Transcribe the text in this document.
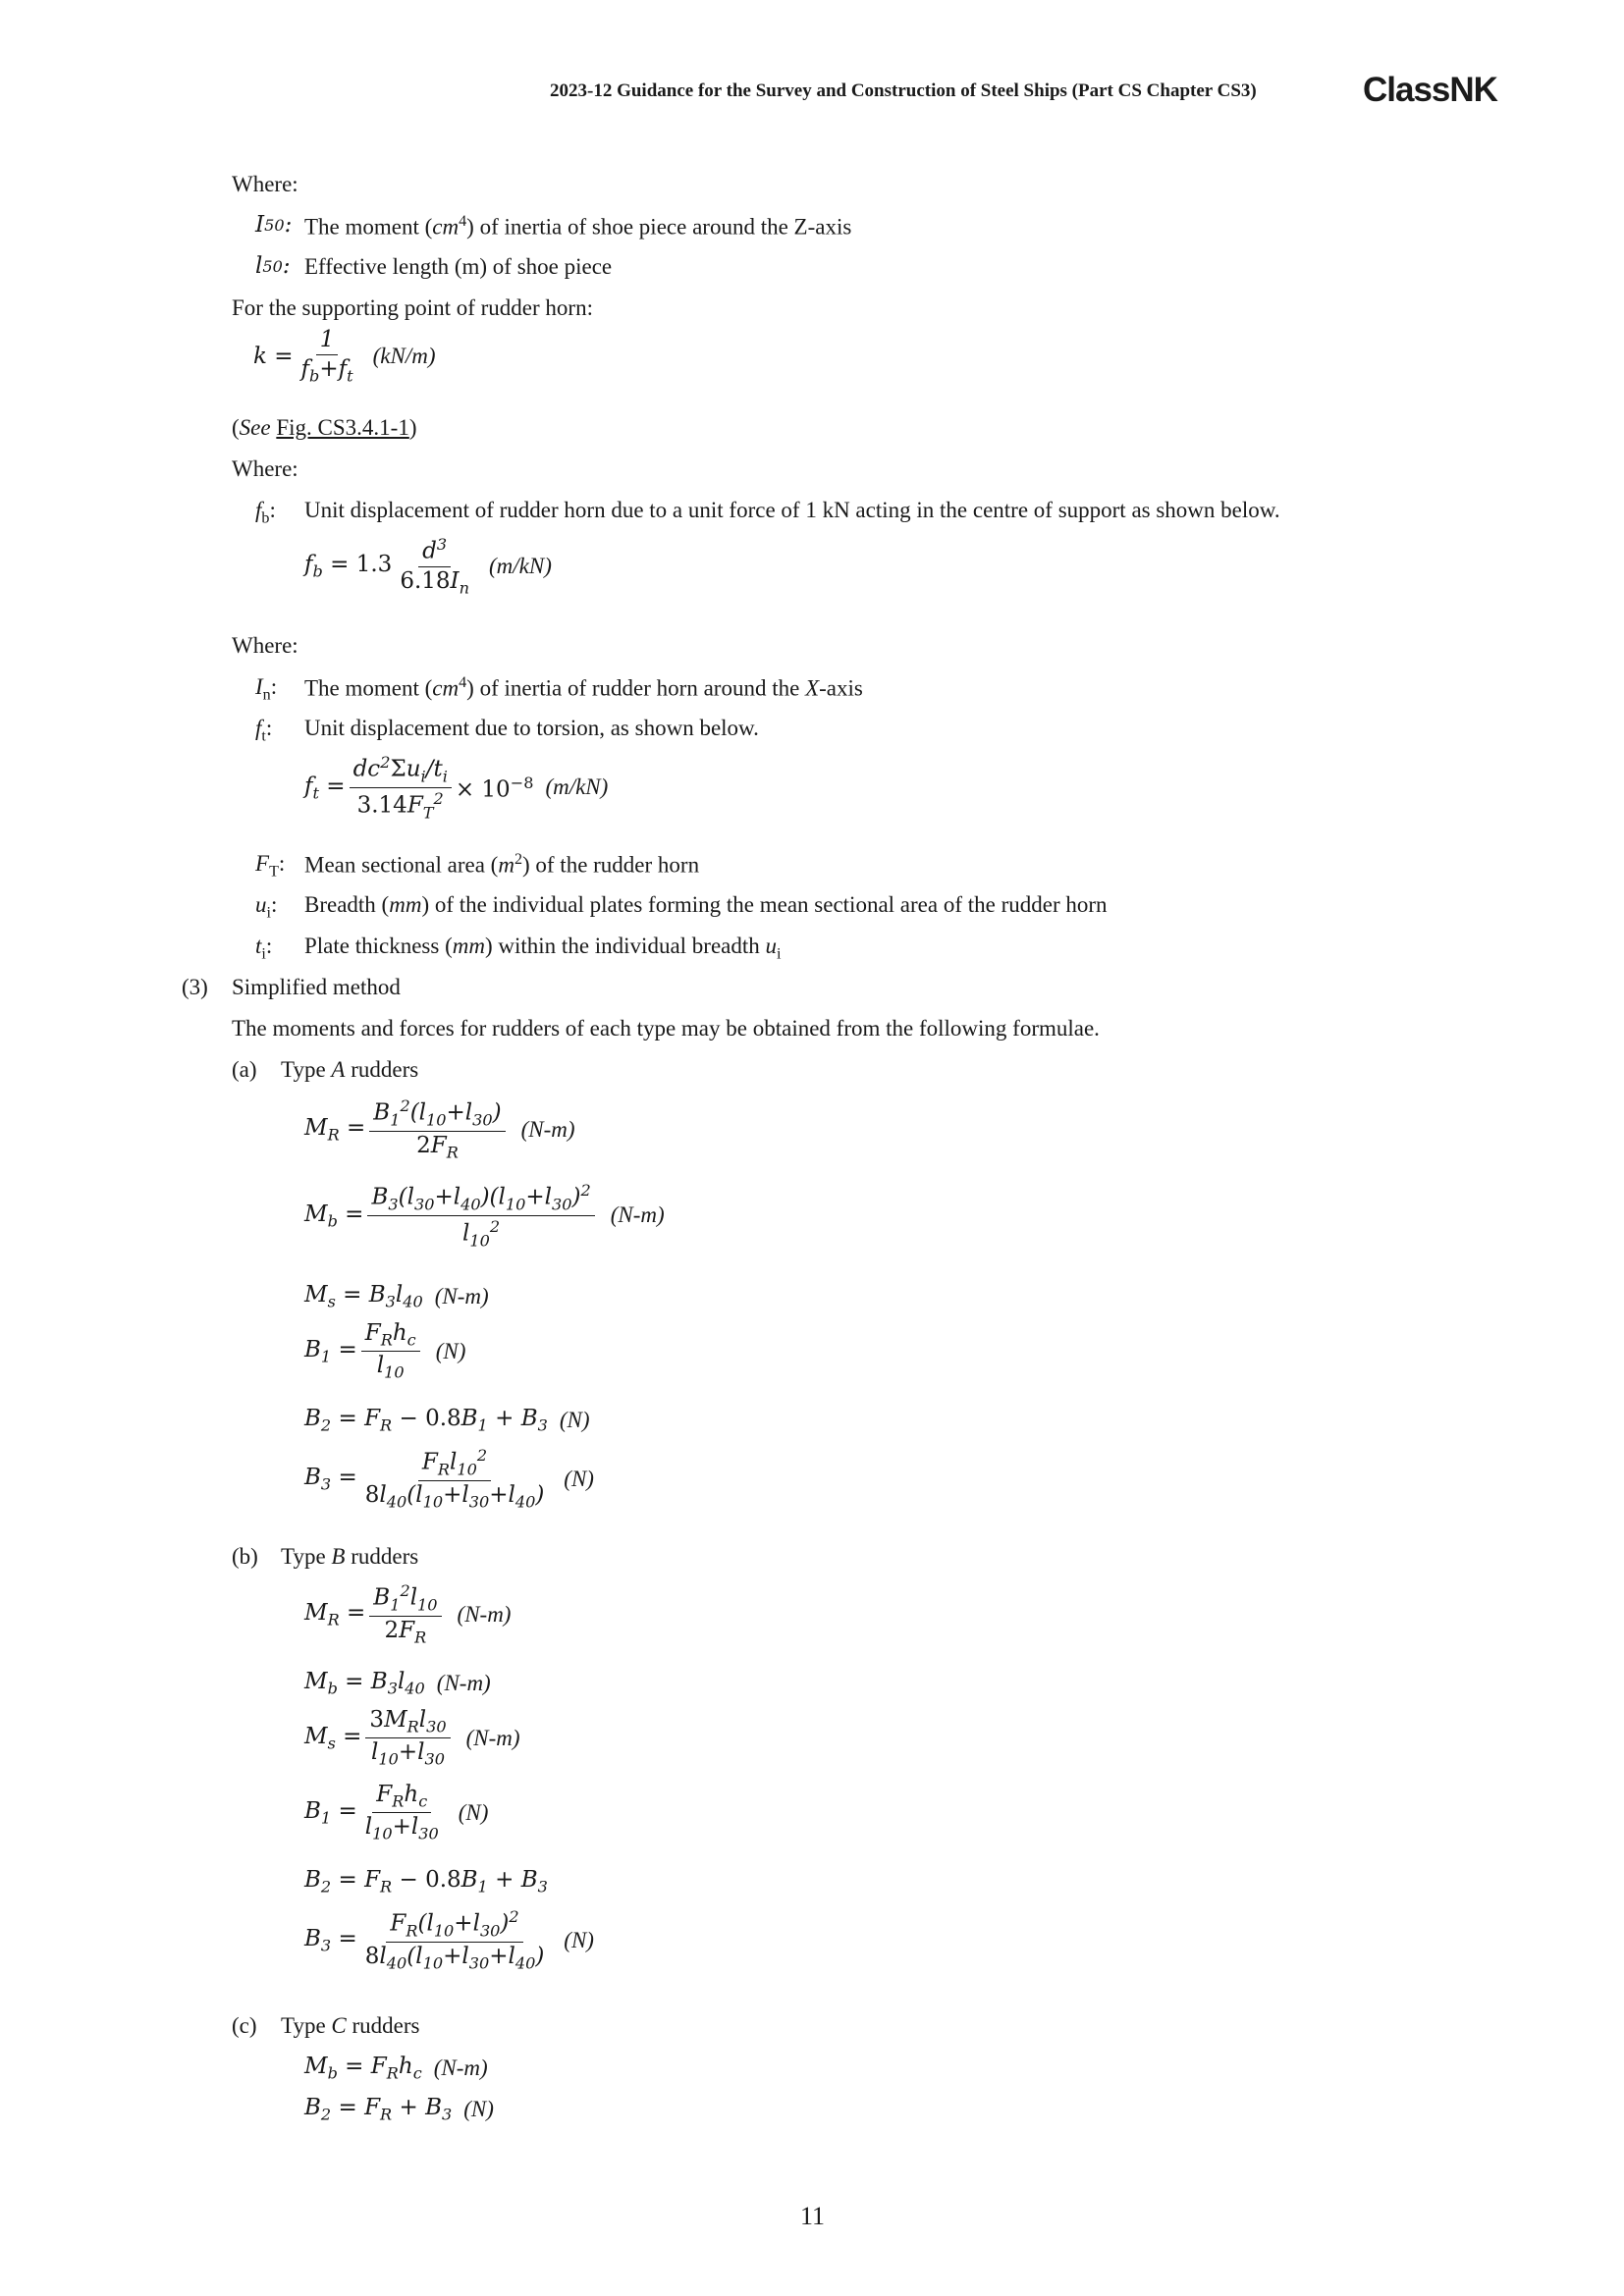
2023-12 Guidance for the Survey and Construction of Steel Ships (Part CS Chapter CS3)	ClassNK
Where:
I 50 : The moment $(cm^4)$ of inertia of shoe piece around the Z-axis
l 50 : Effective length (m) of shoe piece
For the supporting point of rudder horn:
$k = \frac{1}{f_b+f_t} (kN/m)$
(See Fig. CS3.4.1-1)
Where:
$f_b$: Unit displacement of rudder horn due to a unit force of 1 kN acting in the centre of support as shown below.
$f_b = 1.3 \frac{d^3}{6.18I_n} (m/kN)$
Where:
$I_n$: The moment $(cm^4)$ of inertia of rudder horn around the X-axis
$f_t$: Unit displacement due to torsion, as shown below.
$f_t = \frac{dc^2\Sigma u_i/t_i}{3.14F_T^2} \times 10^{-8}$ (m/kN)
$F_T$: Mean sectional area $(m^2)$ of the rudder horn
$u_i$: Breadth (mm) of the individual plates forming the mean sectional area of the rudder horn
$t_i$: Plate thickness (mm) within the individual breadth $u_i$
(3) Simplified method
The moments and forces for rudders of each type may be obtained from the following formulae.
(a) Type A rudders
$M_R = \frac{B_1^2(l_{10}+l_{30})}{2F_R} (N-m)$
$M_b = \frac{B_3(l_{30}+l_{40})(l_{10}+l_{30})^2}{l_{10}^2} (N-m)$
$M_s = B_3l_{40}$ (N-m)
$B_1 = \frac{F_Rh_c}{l_{10}} (N)$
$B_2 = F_R - 0.8B_1 + B_3$ (N)
$B_3 = \frac{F_Rl_{10}^2}{8l_{40}(l_{10}+l_{30}+l_{40})} (N)$
(b) Type B rudders
$M_R = \frac{B_1^2l_{10}}{2F_R} (N-m)$
$M_b = B_3l_{40}$ (N-m)
$M_s = \frac{3M_Rl_{30}}{l_{10}+l_{30}} (N-m)$
$B_1 = \frac{F_Rh_c}{l_{10}+l_{30}} (N)$
$B_2 = F_R - 0.8B_1 + B_3$
$B_3 = \frac{F_R(l_{10}+l_{30})^2}{8l_{40}(l_{10}+l_{30}+l_{40})} (N)$
(c) Type C rudders
$M_b = F_Rh_c$ (N-m)
$B_2 = F_R + B_3$ (N)
11
